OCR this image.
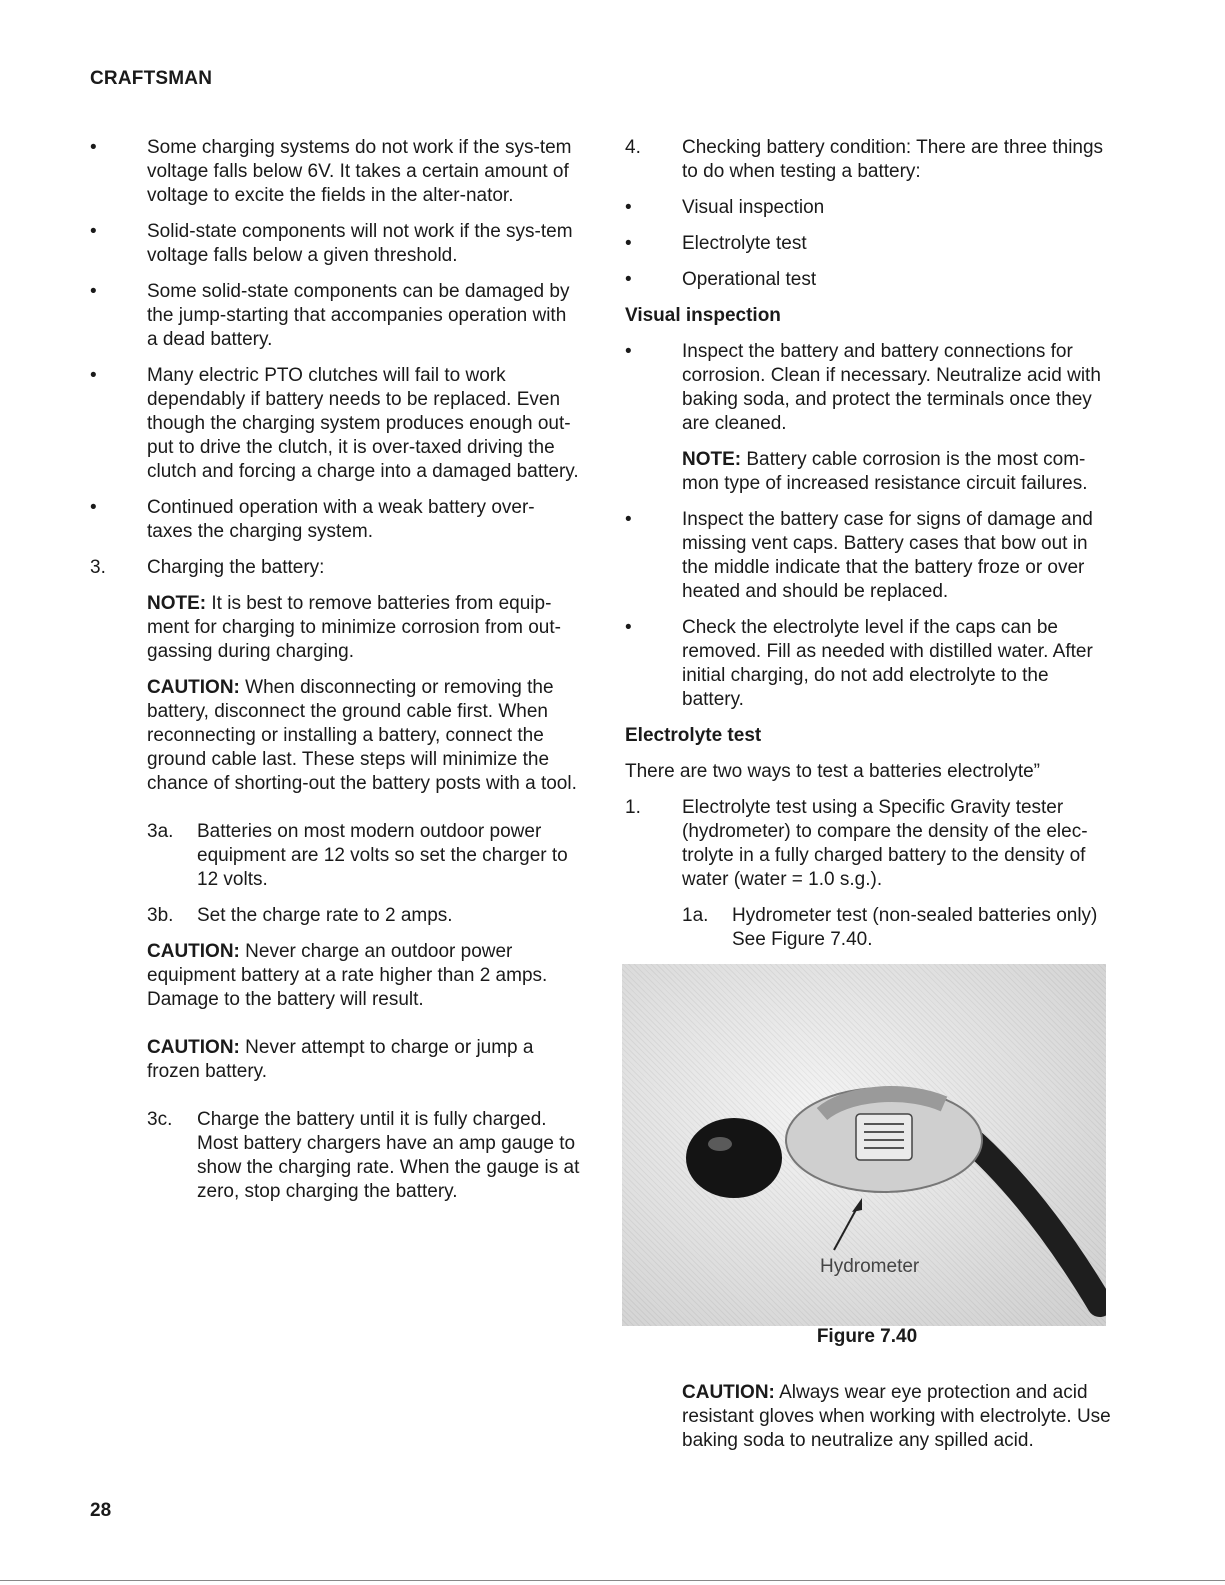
CRAFTSMAN
•	Some charging systems do not work if the sys-tem voltage falls below 6V. It takes a certain amount of voltage to excite the fields in the alter-nator.
•	Solid-state components will not work if the sys-tem voltage falls below a given threshold.
•	Some solid-state components can be damaged by the jump-starting that accompanies operation with a dead battery.
•	Many electric PTO clutches will fail to work dependably if battery needs to be replaced. Even though the charging system produces enough out-put to drive the clutch, it is over-taxed driving the clutch and forcing a charge into a damaged battery.
•	Continued operation with a weak battery over-taxes the charging system.
3.	Charging the battery:
NOTE: It is best to remove batteries from equip-ment for charging to minimize corrosion from out-gassing during charging.
CAUTION: When disconnecting or removing the battery, disconnect the ground cable first. When reconnecting or installing a battery, connect the ground cable last. These steps will minimize the chance of shorting-out the battery posts with a tool.
3a.	Batteries on most modern outdoor power equipment are 12 volts so set the charger to 12 volts.
3b.	Set the charge rate to 2 amps.
CAUTION: Never charge an outdoor power equipment battery at a rate higher than 2 amps. Damage to the battery will result.
CAUTION: Never attempt to charge or jump a frozen battery.
3c.	Charge the battery until it is fully charged. Most battery chargers have an amp gauge to show the charging rate. When the gauge is at zero, stop charging the battery.
4.	Checking battery condition: There are three things to do when testing a battery:
•	Visual inspection
•	Electrolyte test
•	Operational test
Visual inspection
•	Inspect the battery and battery connections for corrosion. Clean if necessary. Neutralize acid with baking soda, and protect the terminals once they are cleaned.
NOTE: Battery cable corrosion is the most com-mon type of increased resistance circuit failures.
•	Inspect the battery case for signs of damage and missing vent caps. Battery cases that bow out in the middle indicate that the battery froze or over heated and should be replaced.
•	Check the electrolyte level if the caps can be removed. Fill as needed with distilled water. After initial charging, do not add electrolyte to the battery.
Electrolyte test
There are two ways to test a batteries electrolyte”
1.	Electrolyte test using a Specific Gravity tester (hydrometer) to compare the density of the elec-trolyte in a fully charged battery to the density of water (water = 1.0 s.g.).
1a.	Hydrometer test (non-sealed batteries only) See Figure 7.40.
Hydrometer
Figure 7.40
CAUTION: Always wear eye protection and acid resistant gloves when working with electrolyte. Use baking soda to neutralize any spilled acid.
28
